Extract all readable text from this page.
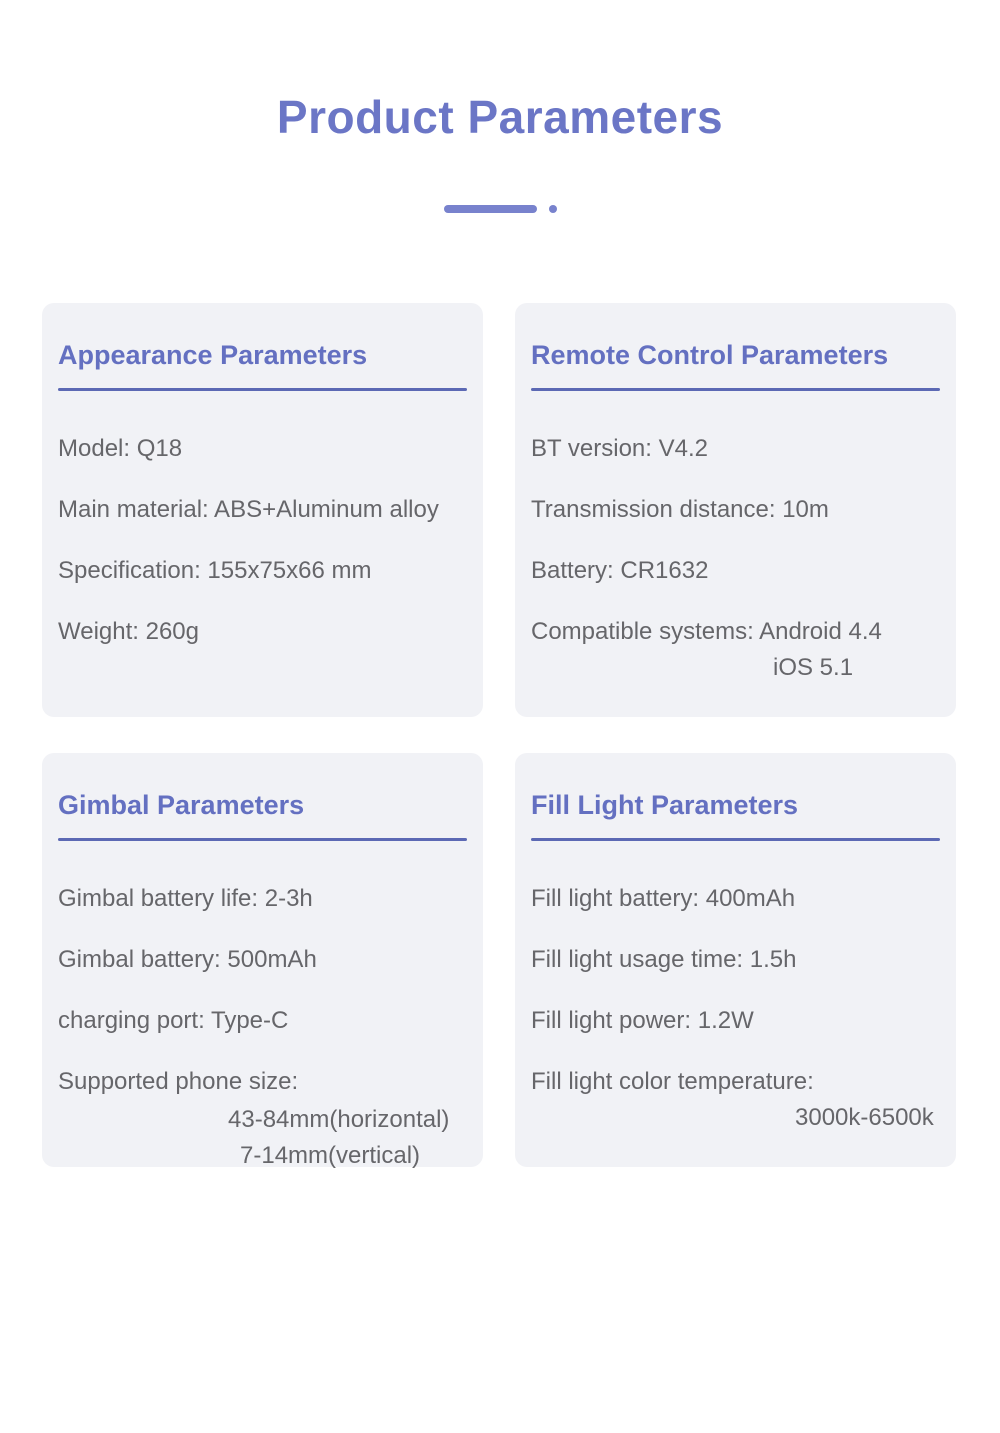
Product Parameters
Appearance Parameters

Model: Q18

Main material: ABS+Aluminum alloy

Specification: 155x75x66 mm

Weight: 260g

Remote Control Parameters

BT version: V4.2

Transmission distance: 10m

Battery: CR1632

Compatible systems: Android 4.4

iOS 5.1

Gimbal Parameters

Gimbal battery life: 2-3h

Gimbal battery: 500mAh

charging port: Type-C

Supported phone size:

43-84mm(horizontal)

7-14mm(vertical)

Fill Light Parameters

Fill light battery: 400mAh

Fill light usage time: 1.5h

Fill light power: 1.2W

Fill light color temperature:

3000k-6500k
